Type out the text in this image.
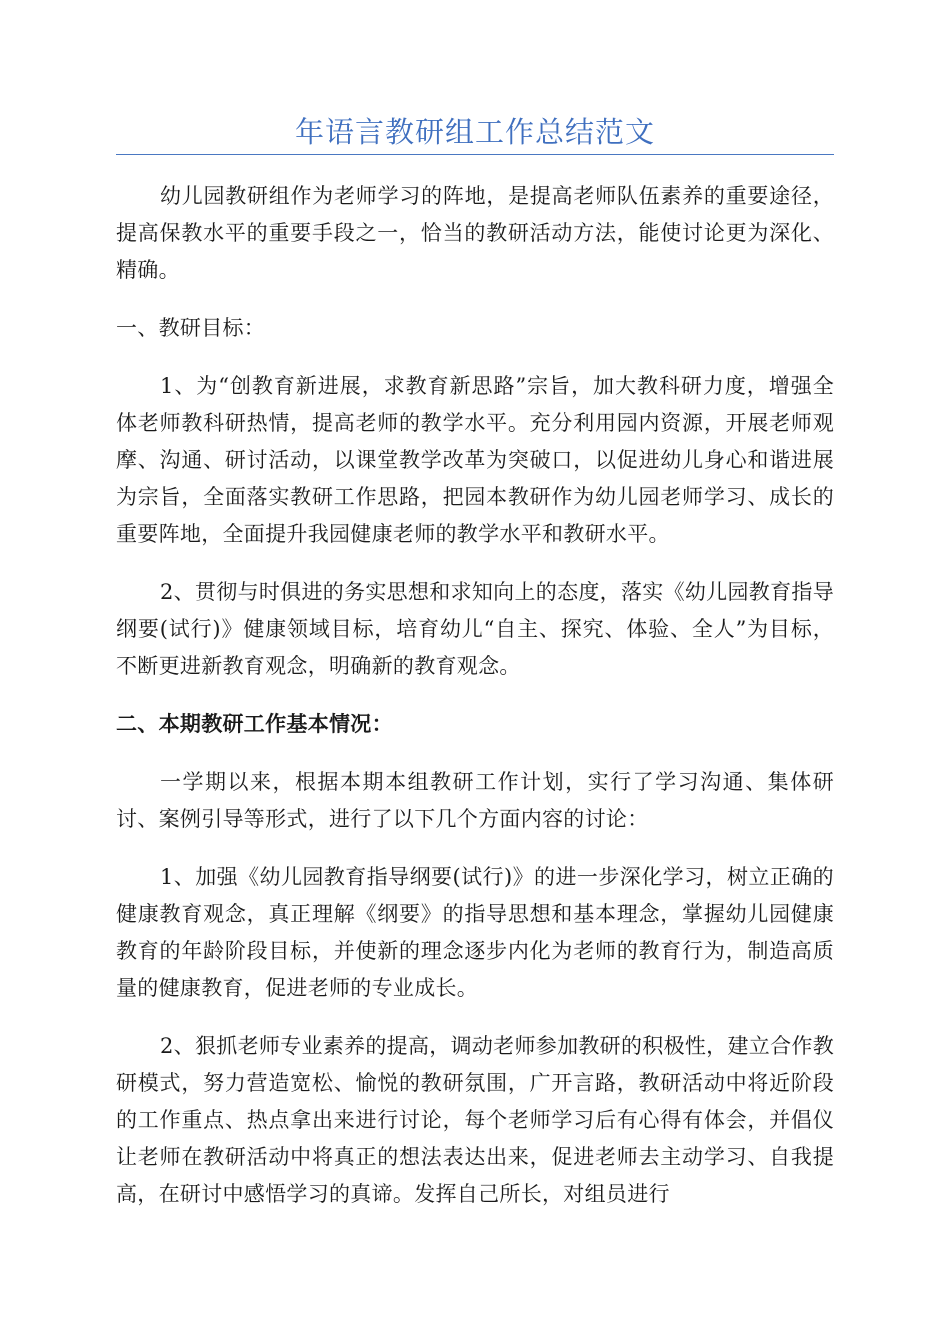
年语言教研组工作总结范文

幼儿园教研组作为老师学习的阵地，是提高老师队伍素养的重要途径，提高保教水平的重要手段之一，恰当的教研活动方法，能使讨论更为深化、精确。

一、教研目标：

1、为“创教育新进展，求教育新思路”宗旨，加大教科研力度，增强全体老师教科研热情，提高老师的教学水平。充分利用园内资源，开展老师观摩、沟通、研讨活动，以课堂教学改革为突破口，以促进幼儿身心和谐进展为宗旨，全面落实教研工作思路，把园本教研作为幼儿园老师学习、成长的重要阵地，全面提升我园健康老师的教学水平和教研水平。

2、贯彻与时俱进的务实思想和求知向上的态度，落实《幼儿园教育指导纲要(试行)》健康领域目标，培育幼儿“自主、探究、体验、全人”为目标，不断更进新教育观念，明确新的教育观念。

二、本期教研工作基本情况：

一学期以来，根据本期本组教研工作计划，实行了学习沟通、集体研讨、案例引导等形式，进行了以下几个方面内容的讨论：

1、加强《幼儿园教育指导纲要(试行)》的进一步深化学习，树立正确的健康教育观念，真正理解《纲要》的指导思想和基本理念，掌握幼儿园健康教育的年龄阶段目标，并使新的理念逐步内化为老师的教育行为，制造高质量的健康教育，促进老师的专业成长。

2、狠抓老师专业素养的提高，调动老师参加教研的积极性，建立合作教研模式，努力营造宽松、愉悦的教研氛围，广开言路，教研活动中将近阶段的工作重点、热点拿出来进行讨论，每个老师学习后有心得有体会，并倡仪让老师在教研活动中将真正的想法表达出来，促进老师去主动学习、自我提高，在研讨中感悟学习的真谛。发挥自己所长，对组员进行
